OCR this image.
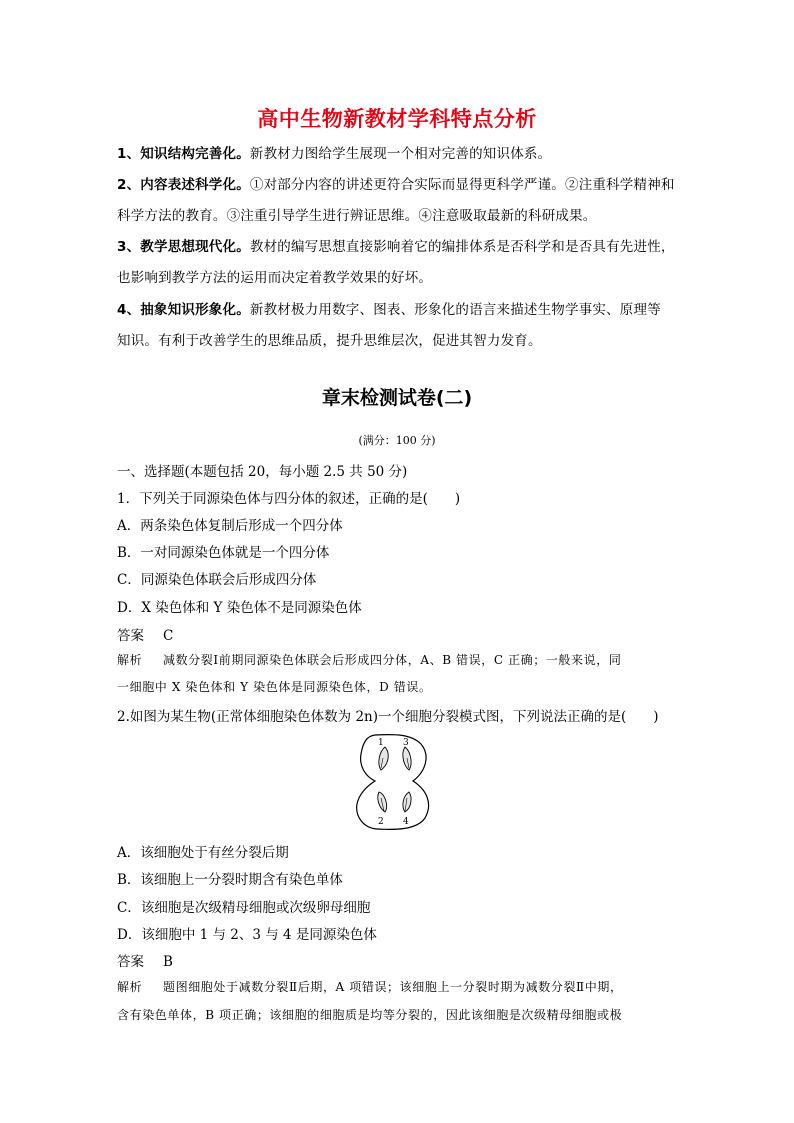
高中生物新教材学科特点分析
1、知识结构完善化。新教材力图给学生展现一个相对完善的知识体系。
2、内容表述科学化。①对部分内容的讲述更符合实际而显得更科学严谨。②注重科学精神和
科学方法的教育。③注重引导学生进行辨证思维。④注意吸取最新的科研成果。
3、教学思想现代化。教材的编写思想直接影响着它的编排体系是否科学和是否具有先进性，
也影响到教学方法的运用而决定着教学效果的好坏。
4、抽象知识形象化。新教材极力用数字、图表、形象化的语言来描述生物学事实、原理等
知识。有利于改善学生的思维品质，提升思维层次，促进其智力发育。
章末检测试卷(二)
(满分：100 分)
一、选择题(本题包括 20，每小题 2.5 共 50 分)
1．下列关于同源染色体与四分体的叙述，正确的是(　　)
A．两条染色体复制后形成一个四分体
B．一对同源染色体就是一个四分体
C．同源染色体联会后形成四分体
D．X 染色体和 Y 染色体不是同源染色体
答案 C
解析 减数分裂Ⅰ前期同源染色体联会后形成四分体，A、B 错误，C 正确；一般来说，同
一细胞中 X 染色体和 Y 染色体是同源染色体，D 错误。
2.如图为某生物(正常体细胞染色体数为 2n)一个细胞分裂模式图，下列说法正确的是(　　)
1 3
2 4
A．该细胞处于有丝分裂后期
B．该细胞上一分裂时期含有染色单体
C．该细胞是次级精母细胞或次级卵母细胞
D．该细胞中 1 与 2、3 与 4 是同源染色体
答案 B
解析 题图细胞处于减数分裂Ⅱ后期，A 项错误；该细胞上一分裂时期为减数分裂Ⅱ中期，
含有染色单体，B 项正确；该细胞的细胞质是均等分裂的，因此该细胞是次级精母细胞或极
